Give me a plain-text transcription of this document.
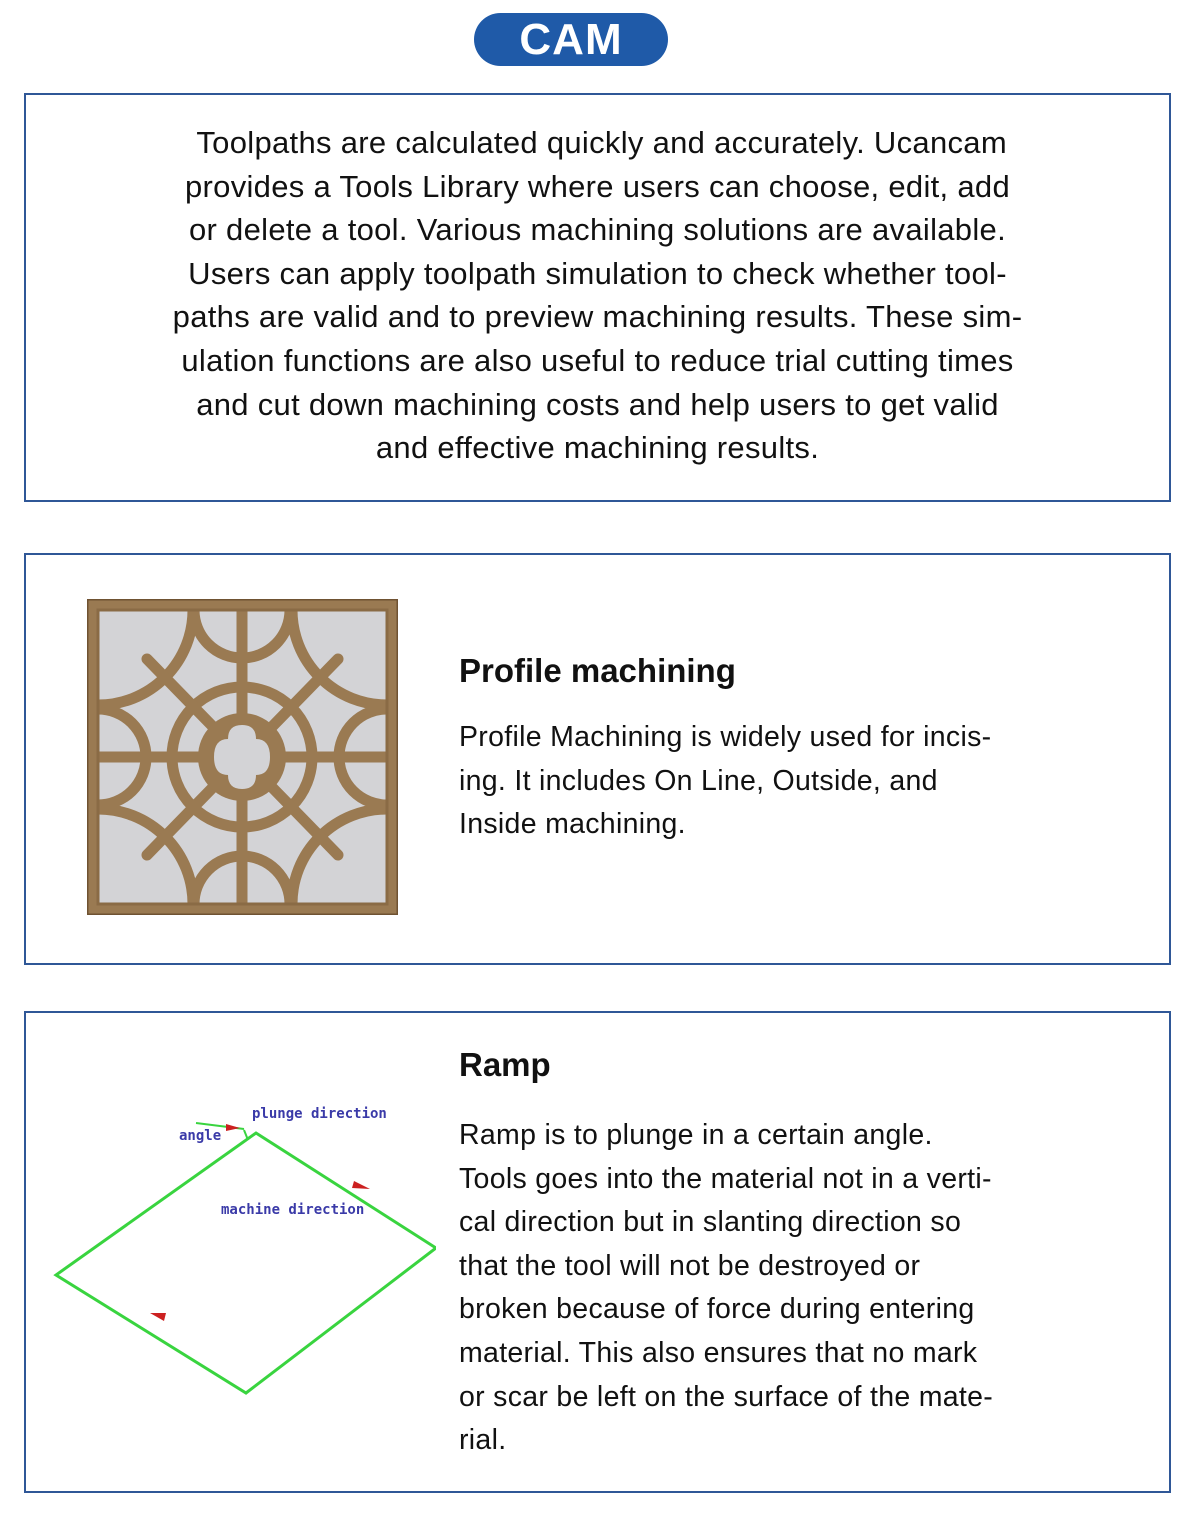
CAM
Toolpaths are calculated quickly and accurately. Ucancam
provides a Tools Library where users can choose, edit, add
or delete a tool. Various machining solutions are available.
Users can apply toolpath simulation to check whether tool-
paths are valid and to preview machining results. These sim-
ulation functions are also useful to reduce trial cutting times
and cut down machining costs and help users to get valid
and effective machining results.
Profile machining
Profile Machining is widely used for incis-
ing. It includes On Line, Outside, and
Inside machining.
plunge direction
angle
machine direction
Ramp
Ramp is to plunge in a certain angle.
Tools goes into the material not in a verti-
cal direction but in slanting direction so
that the tool will not be destroyed or
broken because of force during entering
material. This also ensures that no mark
or scar be left on the surface of the mate-
rial.
